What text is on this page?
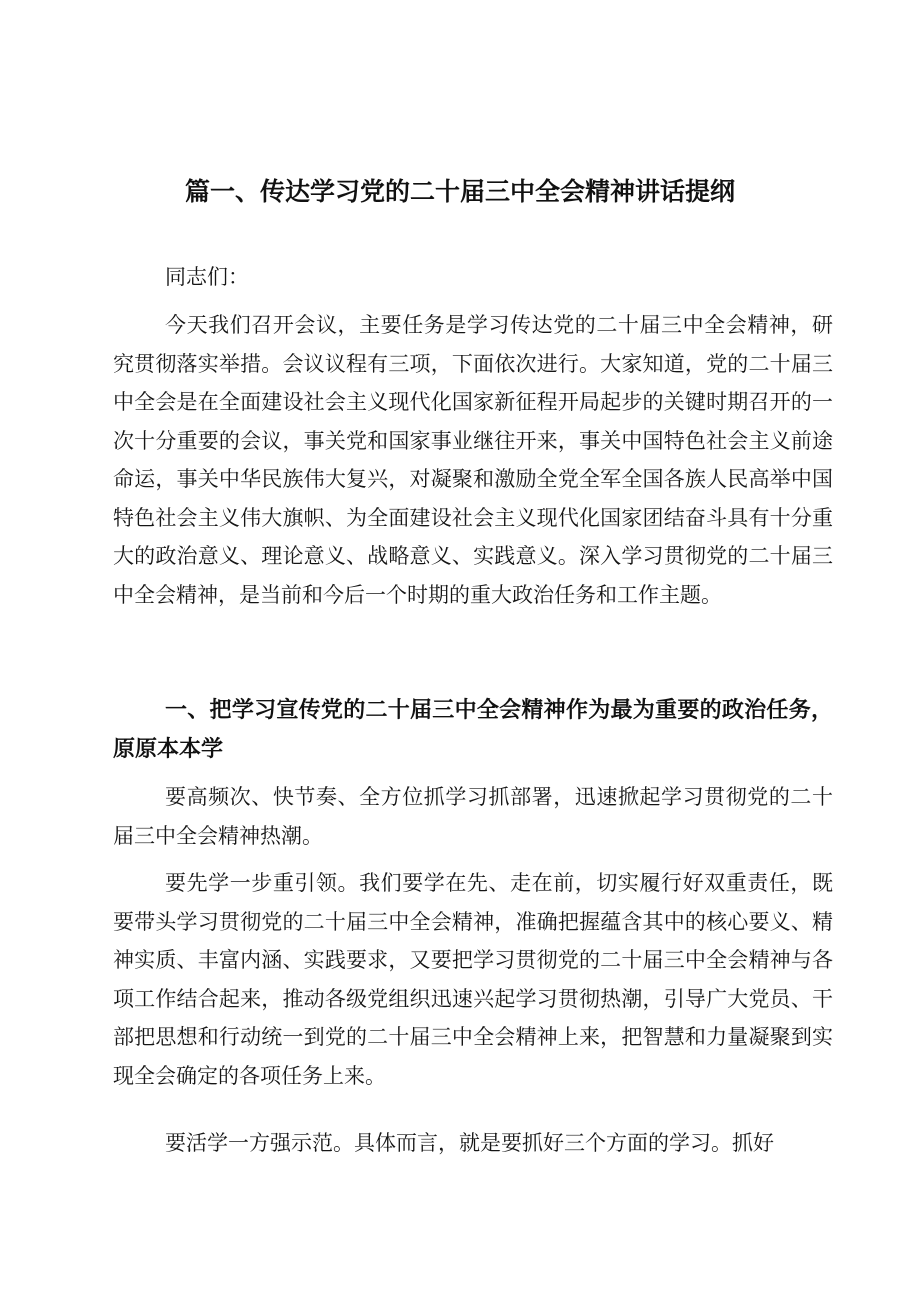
篇一、传达学习党的二十届三中全会精神讲话提纲

同志们：

今天我们召开会议，主要任务是学习传达党的二十届三中全会精神，研究贯彻落实举措。会议议程有三项，下面依次进行。大家知道，党的二十届三中全会是在全面建设社会主义现代化国家新征程开局起步的关键时期召开的一次十分重要的会议，事关党和国家事业继往开来，事关中国特色社会主义前途命运，事关中华民族伟大复兴，对凝聚和激励全党全军全国各族人民高举中国特色社会主义伟大旗帜、为全面建设社会主义现代化国家团结奋斗具有十分重大的政治意义、理论意义、战略意义、实践意义。深入学习贯彻党的二十届三中全会精神，是当前和今后一个时期的重大政治任务和工作主题。

一、把学习宣传党的二十届三中全会精神作为最为重要的政治任务，原原本本学

要高频次、快节奏、全方位抓学习抓部署，迅速掀起学习贯彻党的二十届三中全会精神热潮。

要先学一步重引领。我们要学在先、走在前，切实履行好双重责任，既要带头学习贯彻党的二十届三中全会精神，准确把握蕴含其中的核心要义、精神实质、丰富内涵、实践要求，又要把学习贯彻党的二十届三中全会精神与各项工作结合起来，推动各级党组织迅速兴起学习贯彻热潮，引导广大党员、干部把思想和行动统一到党的二十届三中全会精神上来，把智慧和力量凝聚到实现全会确定的各项任务上来。

要活学一方强示范。具体而言，就是要抓好三个方面的学习。抓好
